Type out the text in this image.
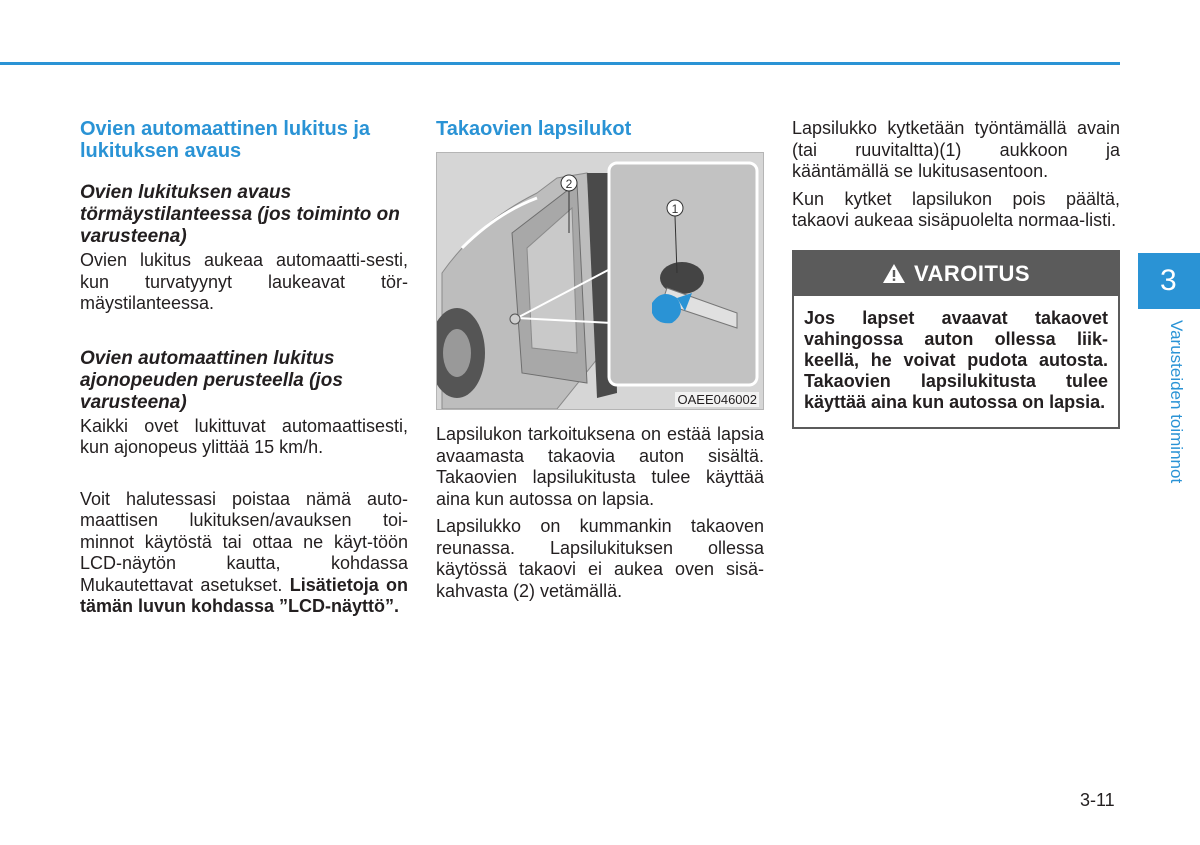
Ovien automaattinen lukitus ja lukituksen avaus
Ovien lukituksen avaus törmäystilanteessa (jos toiminto on varusteena)

Ovien lukitus aukeaa automaatti-sesti, kun turvatyynyt laukeavat tör-mäystilanteessa.

Ovien automaattinen lukitus ajonopeuden perusteella (jos varusteena)

Kaikki ovet lukittuvat automaattisesti, kun ajonopeus ylittää 15 km/h.

Voit halutessasi poistaa nämä auto-maattisen lukituksen/avauksen toi-minnot käytöstä tai ottaa ne käyt-töön LCD-näytön kautta, kohdassa Mukautettavat asetukset. Lisätietoja on tämän luvun kohdassa ”LCD-näyttö”.

Takaovien lapsilukot
2
1
OAEE046002

Lapsilukon tarkoituksena on estää lapsia avaamasta takaovia auton sisältä. Takaovien lapsilukitusta tulee käyttää aina kun autossa on lapsia.

Lapsilukko on kummankin takaoven reunassa. Lapsilukituksen ollessa käytössä takaovi ei aukea oven sisä-kahvasta (2) vetämällä.

Lapsilukko kytketään työntämällä avain (tai ruuvitaltta)(1) aukkoon ja kääntämällä se lukitusasentoon.

Kun kytket lapsilukon pois päältä, takaovi aukeaa sisäpuolelta normaa-listi.

VAROITUS

Jos lapset avaavat takaovet vahingossa auton ollessa liik-keellä, he voivat pudota autosta. Takaovien lapsilukitusta tulee käyttää aina kun autossa on lapsia.

3
Varusteiden toiminnot
3-11
